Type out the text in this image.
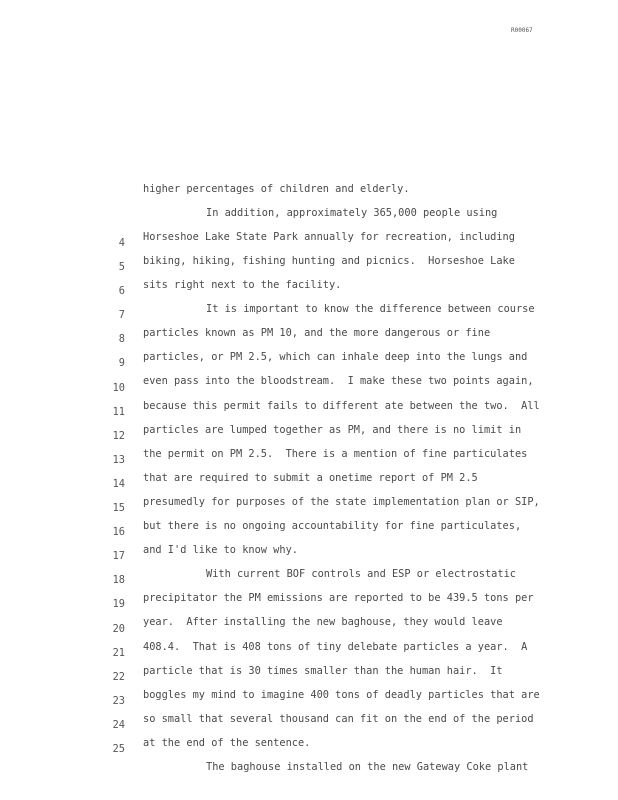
R00067

higher percentages of children and elderly.

In addition, approximately 365,000 people using

Horseshoe Lake State Park annually for recreation, including

4

biking, hiking, fishing hunting and picnics.  Horseshoe Lake

5

sits right next to the facility.

6

It is important to know the difference between course

7

particles known as PM 10, and the more dangerous or fine

8

particles, or PM 2.5, which can inhale deep into the lungs and

9

even pass into the bloodstream.  I make these two points again,

10

because this permit fails to different ate between the two.  All

11

particles are lumped together as PM, and there is no limit in

12

the permit on PM 2.5.  There is a mention of fine particulates

13

that are required to submit a onetime report of PM 2.5

14

presumedly for purposes of the state implementation plan or SIP,

15

but there is no ongoing accountability for fine particulates,

16

and I'd like to know why.

17

With current BOF controls and ESP or electrostatic

18

precipitator the PM emissions are reported to be 439.5 tons per

19

year.  After installing the new baghouse, they would leave

20

408.4.  That is 408 tons of tiny delebate particles a year.  A

21

particle that is 30 times smaller than the human hair.  It

22

boggles my mind to imagine 400 tons of deadly particles that are

23

so small that several thousand can fit on the end of the period

24

at the end of the sentence.

25

The baghouse installed on the new Gateway Coke plant
